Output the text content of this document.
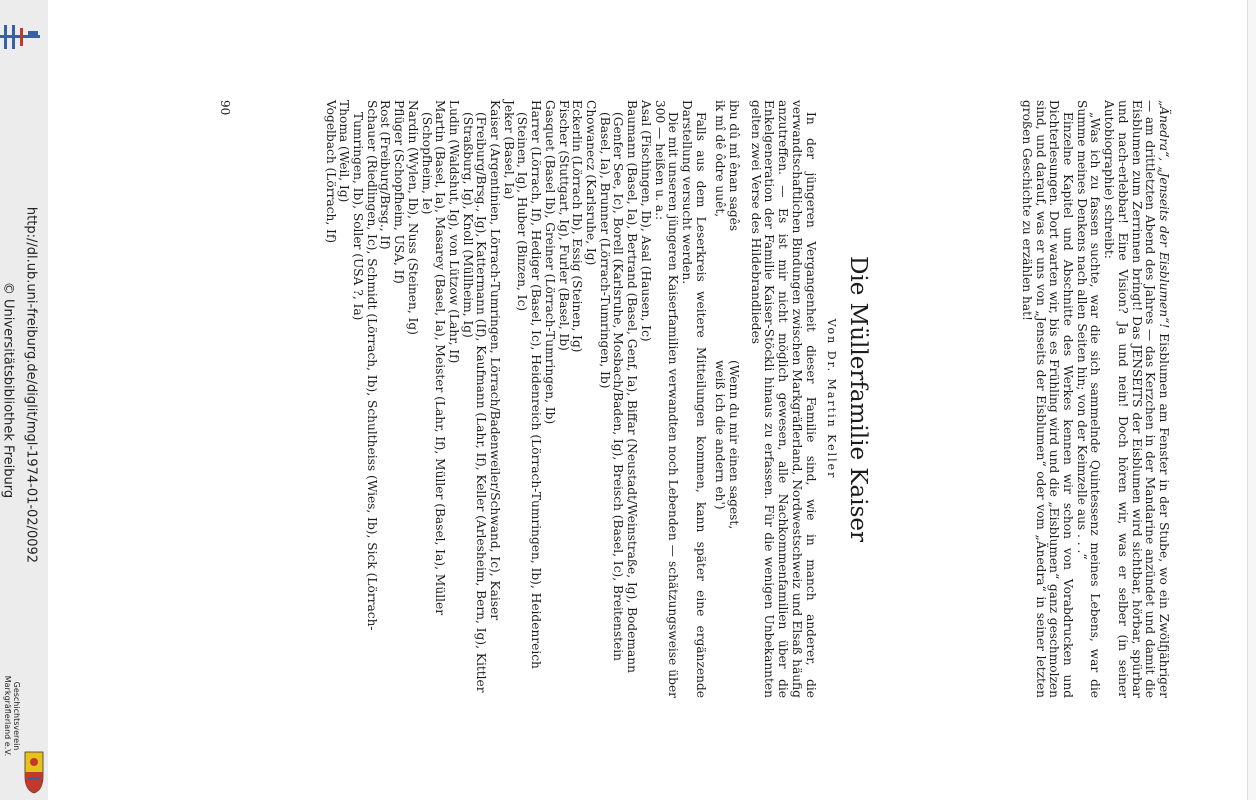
http://dl.ub.uni-freiburg.de/diglit/mgl-1974-01-02/0092
© Universitätsbibliothek Freiburg
Geschichtsverein
Markgräflerland e.V.

„Änedra“, „Jenseits der Eisblumen“! Eisblumen am Fenster in der Stube, wo ein Zwölfjähriger — am drittletzten Abend des Jahres — das Kerzchen in der Mandarine anzündet und damit die Eisblumen zum Zerrinnen bringt! Das JENSEITS der Eisblumen wird sichtbar, hörbar, spürbar und nach-erlebbar! Eine Vision? Ja und nein! Doch hören wir, was er selber (in seiner Autobiographie) schreibt:

„Was ich zu fassen suchte, war die sich sammelnde Quintessenz meines Lebens, war die Summe meines Denkens nach allen Seiten hin; von der Keimzelle aus . . .“

Einzelne Kapitel und Abschnitte des Werkes kennen wir schon von Vorabdrucken und Dichterlesungen. Dort warten wir, bis es Frühling wird und die „Eisblumen“ ganz geschmolzen sind, und darauf, was er uns von „Jenseits der Eisblumen“ oder vom „Änedra“ in seiner letzten großen Geschichte zu erzählen hat!

Die Müllerfamilie Kaiser
Von Dr. Martin Keller

In der jüngeren Vergangenheit dieser Familie sind, wie in manch anderer, die verwandtschaftlichen Bindungen zwischen Markgräflerland, Nordwestschweiz und Elsaß häufig anzutreffen. — Es ist mir nicht möglich gewesen, alle Nachkommenfamilien über die Enkelgeneration der Familie Kaiser-Stöckli hinaus zu erfassen. Für die wenigen Unbekannten gelten zwei Verse des Hildebrandliedes

ibu dû mî ênan sagês
ik mî dê ôdre uuêt,
(Wenn du mir einen sagest,
weiß ich die andern eh')

Falls aus dem Leserkreis weitere Mitteilungen kommen, kann später eine ergänzende Darstellung versucht werden.

Die mit unseren jüngeren Kaiserfamilien verwandten noch Lebenden — schätzungsweise über 300 — heißen u. a.:

Asal (Fischingen, Ib), Asal (Hausen, Ic)

Baumann (Basel, Ia), Bertrand (Basel, Genf, Ia), Biffar (Neustadt/Weinstraße, Ig), Bodemann (Genfer See, Ic), Borell (Karlsruhe, Mosbach/Baden, Ig), Breisch (Basel, Ic), Breitenstein (Basel, Ia), Brunner (Lörrach-Tumringen, Ib)

Chowanecz (Karlsruhe, Ig)

Eckerlin (Lörrach Ib), Essig (Steinen, Ig)

Fischer (Stuttgart, Ig), Furler (Basel, Ib)

Gasquet (Basel Ib), Greiner (Lörrach-Tumringen, Ib)

Harrer (Lörrach, If), Hediger (Basel, Ic), Heidenreich (Lörrach-Tumringen, Ib), Heidenreich (Steinen, Ig), Huber (Binzen, Ic)

Jeker (Basel, Ia)

Kaiser (Argentinien, Lörrach-Tumringen, Lörrach/Badenweiler/Schwand, Ic), Kaiser (Freiburg/Brsg., Ig), Kattermann (If), Kaufmann (Lahr, If), Keller (Arlesheim, Bern, Ig), Kittler (Straßburg, Ig), Knoll (Müllheim, Ig)

Ludin (Waldshut, Ig), von Lützow (Lahr, If)

Martin (Basel, Ia), Masarey (Basel, Ia), Meister (Lahr, If), Müller (Basel, Ia), Müller (Schopfheim, Ie)

Nardin (Wylen, Ib), Nuss (Steinen, Ig)

Pflüger (Schopfheim, USA, If)

Rost (Freiburg/Brsg., If)

Schauer (Riedlingen, Ic), Schmidt (Lörrach, Ib), Schultheiss (Wies, Ib), Sick (Lörrach-Tumringen, Ib), Soller (USA ?, Ia)

Thoma (Weil, Ig)

Vogelbach (Lörrach, If)

90
